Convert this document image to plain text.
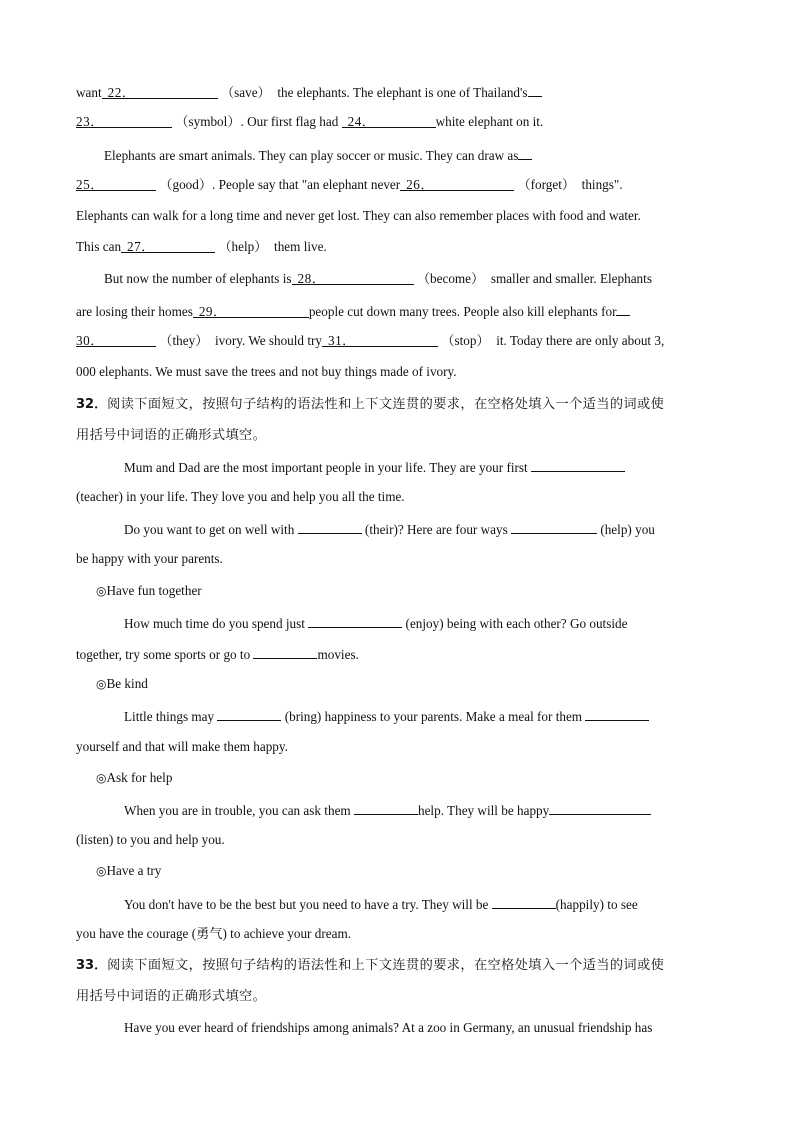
want 22．	（save） the elephants. The elephant is one of Thailand's
23．	（symbol）. Our first flag had 24．	white elephant on it.
Elephants are smart animals. They can play soccer or music. They can draw as
25．	（good）. People say that "an elephant never 26．	（forget） things".
Elephants can walk for a long time and never get lost. They can also remember places with food and water.
This can 27．	（help） them live.
But now the number of elephants is 28．	（become） smaller and smaller. Elephants
are losing their homes 29．	people cut down many trees. People also kill elephants for
30．	（they） ivory. We should try 31．	（stop） it. Today there are only about 3,
000 elephants. We must save the trees and not buy things made of ivory.
32．阅读下面短文，按照句子结构的语法性和上下文连贯的要求，在空格处填入一个适当的词或使
用括号中词语的正确形式填空。
Mum and Dad are the most important people in your life. They are your first
(teacher) in your life. They love you and help you all the time.
Do you want to get on well with	(their)? Here are four ways	(help) you
be happy with your parents.
◎Have fun together
How much time do you spend just	(enjoy) being with each other? Go outside
together, try some sports or go to	movies.
◎Be kind
Little things may	(bring) happiness to your parents. Make a meal for them
yourself and that will make them happy.
◎Ask for help
When you are in trouble, you can ask them	help. They will be happy
(listen) to you and help you.
◎Have a try
You don't have to be the best but you need to have a try. They will be	(happily) to see
you have the courage (勇气) to achieve your dream.
33．阅读下面短文，按照句子结构的语法性和上下文连贯的要求，在空格处填入一个适当的词或使
用括号中词语的正确形式填空。
Have you ever heard of friendships among animals? At a zoo in Germany, an unusual friendship has
